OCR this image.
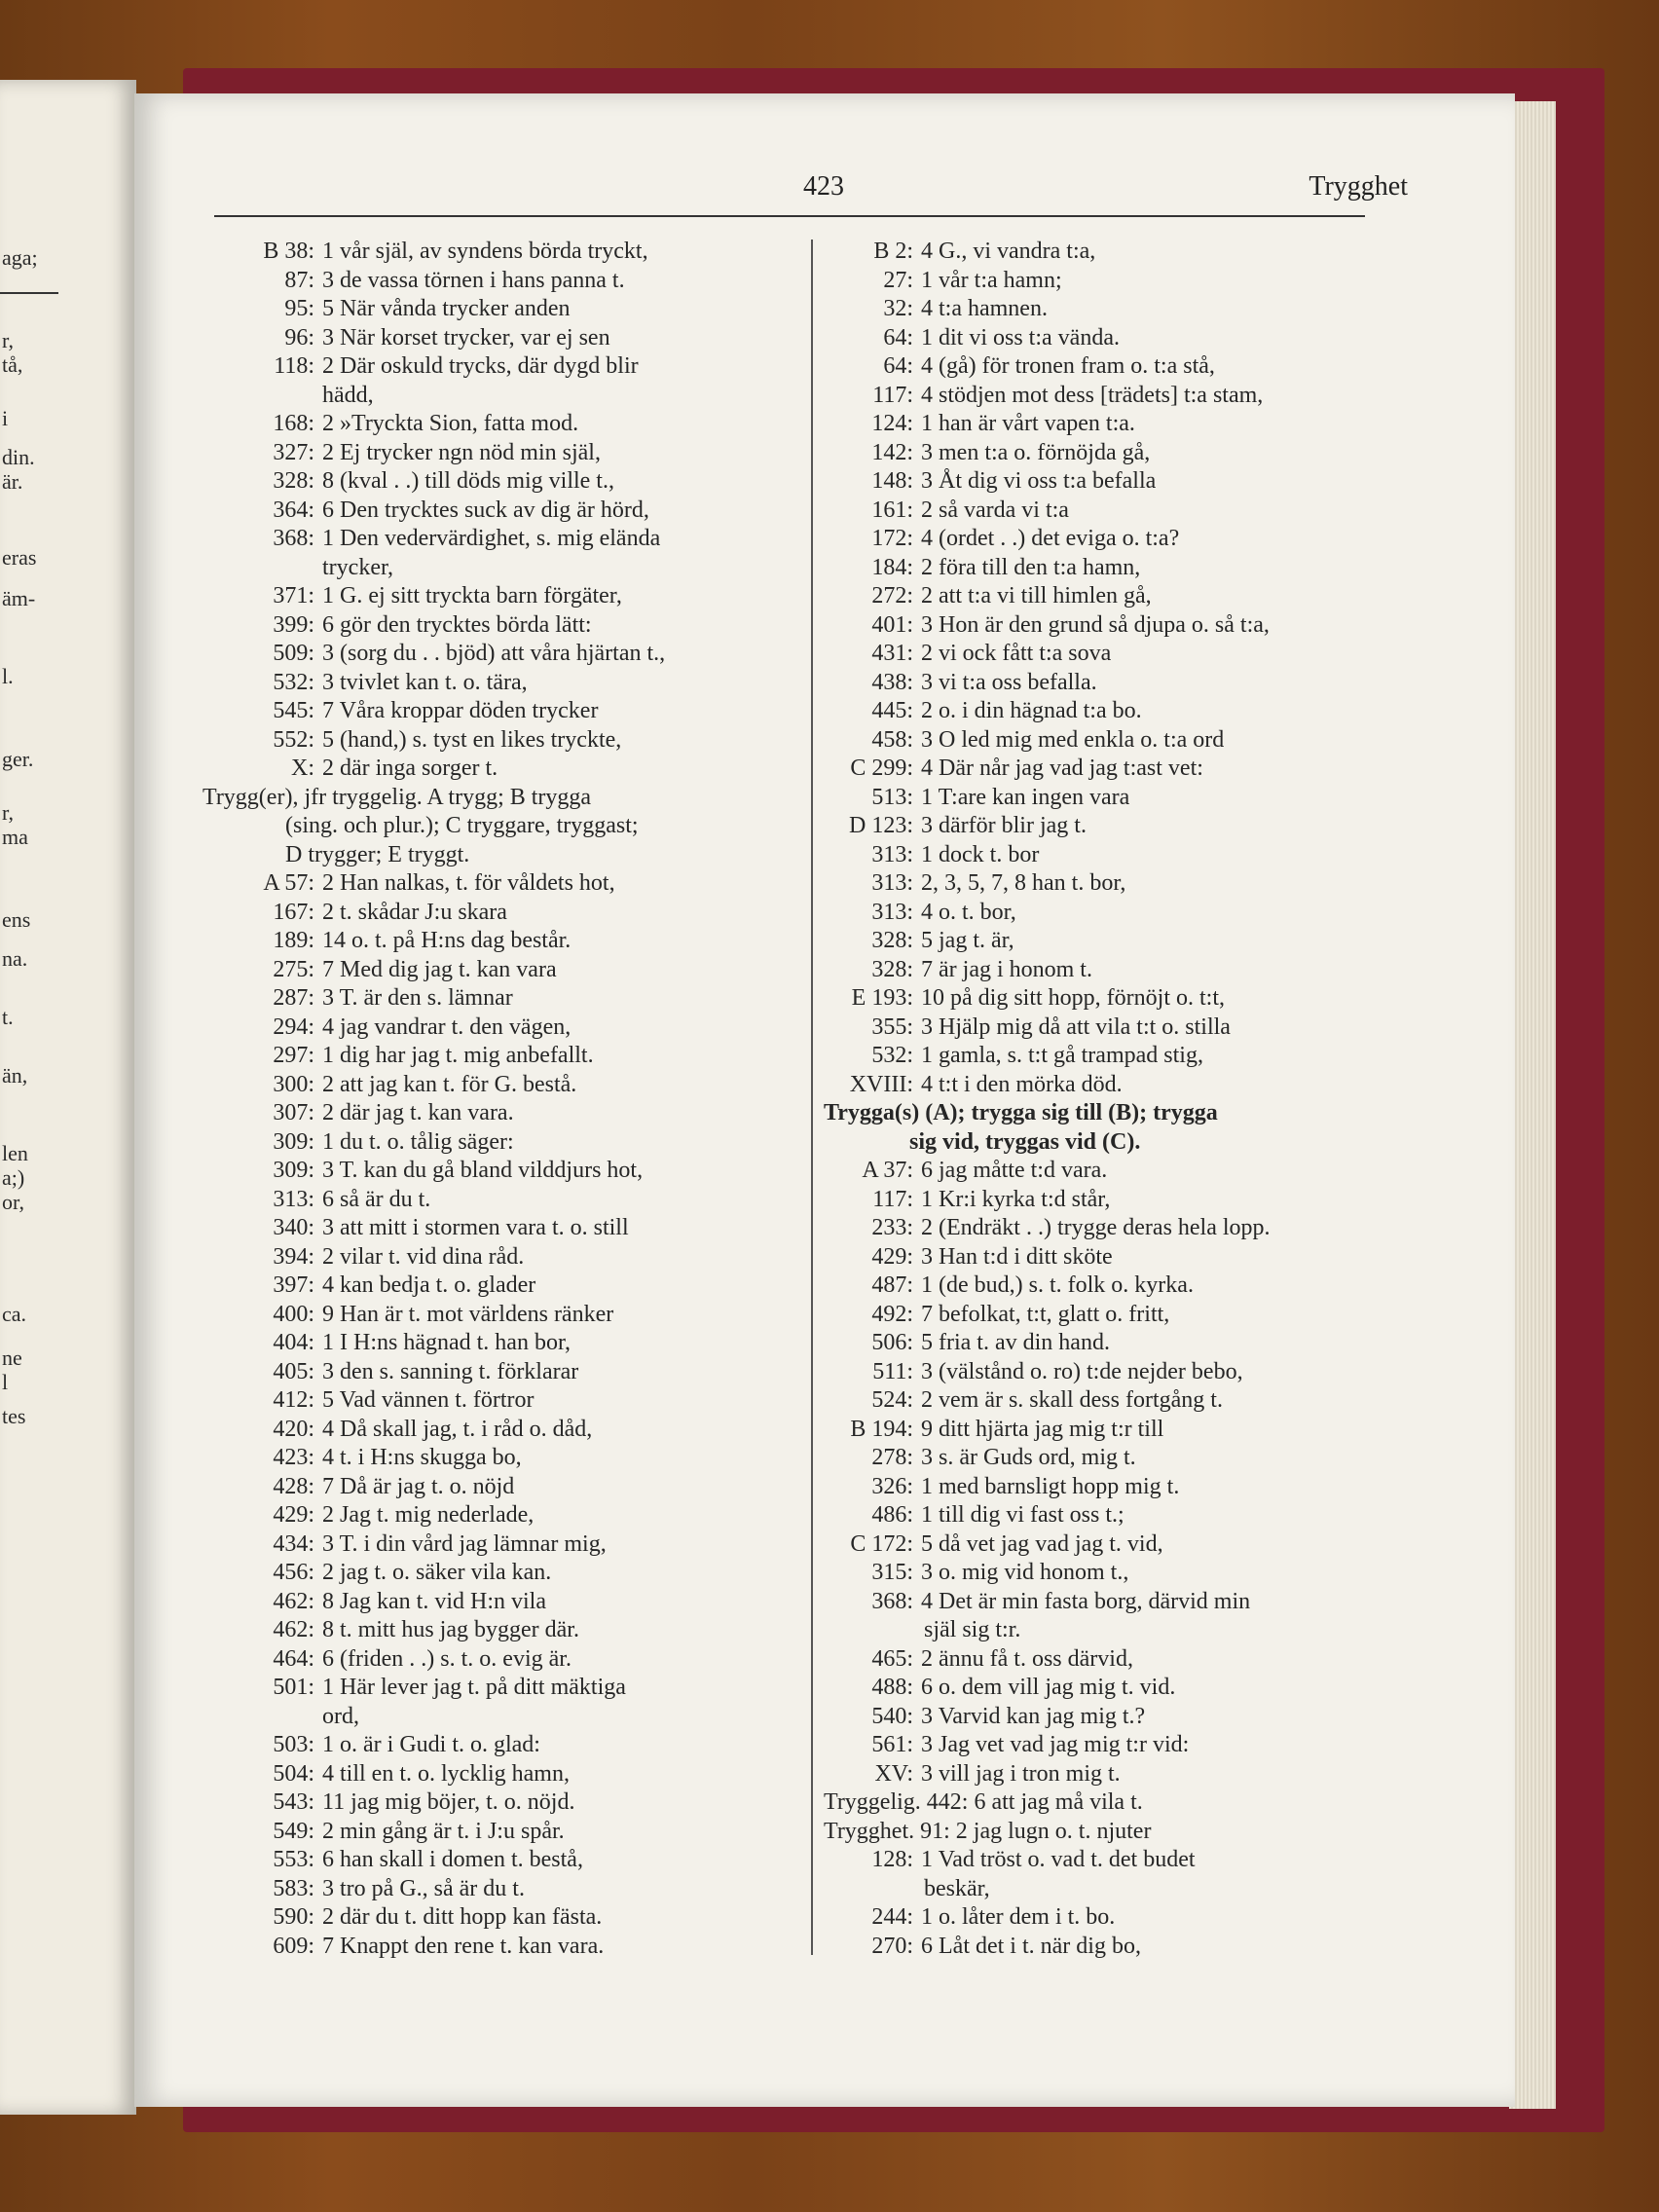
aga;
r,
tå,
i
din.
är.
eras
äm-
l.
ger.
r,
ma
ens
na.
t.
än,
len
a;)
or,
ca.
ne
l
tes
423	Trygghet
B 38: 1 vår själ, av syndens börda tryckt,
87: 3 de vassa törnen i hans panna t.
95: 5 När vånda trycker anden
96: 3 När korset trycker, var ej sen
118: 2 Där oskuld trycks, där dygd blir
hädd,
168: 2 »Tryckta Sion, fatta mod.
327: 2 Ej trycker ngn nöd min själ,
328: 8 (kval . .) till döds mig ville t.,
364: 6 Den trycktes suck av dig är hörd,
368: 1 Den vedervärdighet, s. mig elända
trycker,
371: 1 G. ej sitt tryckta barn förgäter,
399: 6 gör den trycktes börda lätt:
509: 3 (sorg du . . bjöd) att våra hjärtan t.,
532: 3 tvivlet kan t. o. tära,
545: 7 Våra kroppar döden trycker
552: 5 (hand,) s. tyst en likes tryckte,
X: 2 där inga sorger t.
Trygg(er), jfr tryggelig. A trygg; B trygga
(sing. och plur.); C tryggare, tryggast;
D trygger; E tryggt.
A 57: 2 Han nalkas, t. för våldets hot,
167: 2 t. skådar J:u skara
189: 14 o. t. på H:ns dag består.
275: 7 Med dig jag t. kan vara
287: 3 T. är den s. lämnar
294: 4 jag vandrar t. den vägen,
297: 1 dig har jag t. mig anbefallt.
300: 2 att jag kan t. för G. bestå.
307: 2 där jag t. kan vara.
309: 1 du t. o. tålig säger:
309: 3 T. kan du gå bland vilddjurs hot,
313: 6 så är du t.
340: 3 att mitt i stormen vara t. o. still
394: 2 vilar t. vid dina råd.
397: 4 kan bedja t. o. glader
400: 9 Han är t. mot världens ränker
404: 1 I H:ns hägnad t. han bor,
405: 3 den s. sanning t. förklarar
412: 5 Vad vännen t. förtror
420: 4 Då skall jag, t. i råd o. dåd,
423: 4 t. i H:ns skugga bo,
428: 7 Då är jag t. o. nöjd
429: 2 Jag t. mig nederlade,
434: 3 T. i din vård jag lämnar mig,
456: 2 jag t. o. säker vila kan.
462: 8 Jag kan t. vid H:n vila
462: 8 t. mitt hus jag bygger där.
464: 6 (friden . .) s. t. o. evig är.
501: 1 Här lever jag t. på ditt mäktiga
ord,
503: 1 o. är i Gudi t. o. glad:
504: 4 till en t. o. lycklig hamn,
543: 11 jag mig böjer, t. o. nöjd.
549: 2 min gång är t. i J:u spår.
553: 6 han skall i domen t. bestå,
583: 3 tro på G., så är du t.
590: 2 där du t. ditt hopp kan fästa.
609: 7 Knappt den rene t. kan vara.
B 2: 4 G., vi vandra t:a,
27: 1 vår t:a hamn;
32: 4 t:a hamnen.
64: 1 dit vi oss t:a vända.
64: 4 (gå) för tronen fram o. t:a stå,
117: 4 stödjen mot dess [trädets] t:a stam,
124: 1 han är vårt vapen t:a.
142: 3 men t:a o. förnöjda gå,
148: 3 Åt dig vi oss t:a befalla
161: 2 så varda vi t:a
172: 4 (ordet . .) det eviga o. t:a?
184: 2 föra till den t:a hamn,
272: 2 att t:a vi till himlen gå,
401: 3 Hon är den grund så djupa o. så t:a,
431: 2 vi ock fått t:a sova
438: 3 vi t:a oss befalla.
445: 2 o. i din hägnad t:a bo.
458: 3 O led mig med enkla o. t:a ord
C 299: 4 Där når jag vad jag t:ast vet:
513: 1 T:are kan ingen vara
D 123: 3 därför blir jag t.
313: 1 dock t. bor
313: 2, 3, 5, 7, 8 han t. bor,
313: 4 o. t. bor,
328: 5 jag t. är,
328: 7 är jag i honom t.
E 193: 10 på dig sitt hopp, förnöjt o. t:t,
355: 3 Hjälp mig då att vila t:t o. stilla
532: 1 gamla, s. t:t gå trampad stig,
XVIII: 4 t:t i den mörka död.
Trygga(s) (A); trygga sig till (B); trygga
sig vid, tryggas vid (C).
A 37: 6 jag måtte t:d vara.
117: 1 Kr:i kyrka t:d står,
233: 2 (Endräkt . .) trygge deras hela lopp.
429: 3 Han t:d i ditt sköte
487: 1 (de bud,) s. t. folk o. kyrka.
492: 7 befolkat, t:t, glatt o. fritt,
506: 5 fria t. av din hand.
511: 3 (välstånd o. ro) t:de nejder bebo,
524: 2 vem är s. skall dess fortgång t.
B 194: 9 ditt hjärta jag mig t:r till
278: 3 s. är Guds ord, mig t.
326: 1 med barnsligt hopp mig t.
486: 1 till dig vi fast oss t.;
C 172: 5 då vet jag vad jag t. vid,
315: 3 o. mig vid honom t.,
368: 4 Det är min fasta borg, därvid min
själ sig t:r.
465: 2 ännu få t. oss därvid,
488: 6 o. dem vill jag mig t. vid.
540: 3 Varvid kan jag mig t.?
561: 3 Jag vet vad jag mig t:r vid:
XV: 3 vill jag i tron mig t.
Tryggelig. 442: 6 att jag må vila t.
Trygghet. 91: 2 jag lugn o. t. njuter
128: 1 Vad tröst o. vad t. det budet
beskär,
244: 1 o. låter dem i t. bo.
270: 6 Låt det i t. när dig bo,
